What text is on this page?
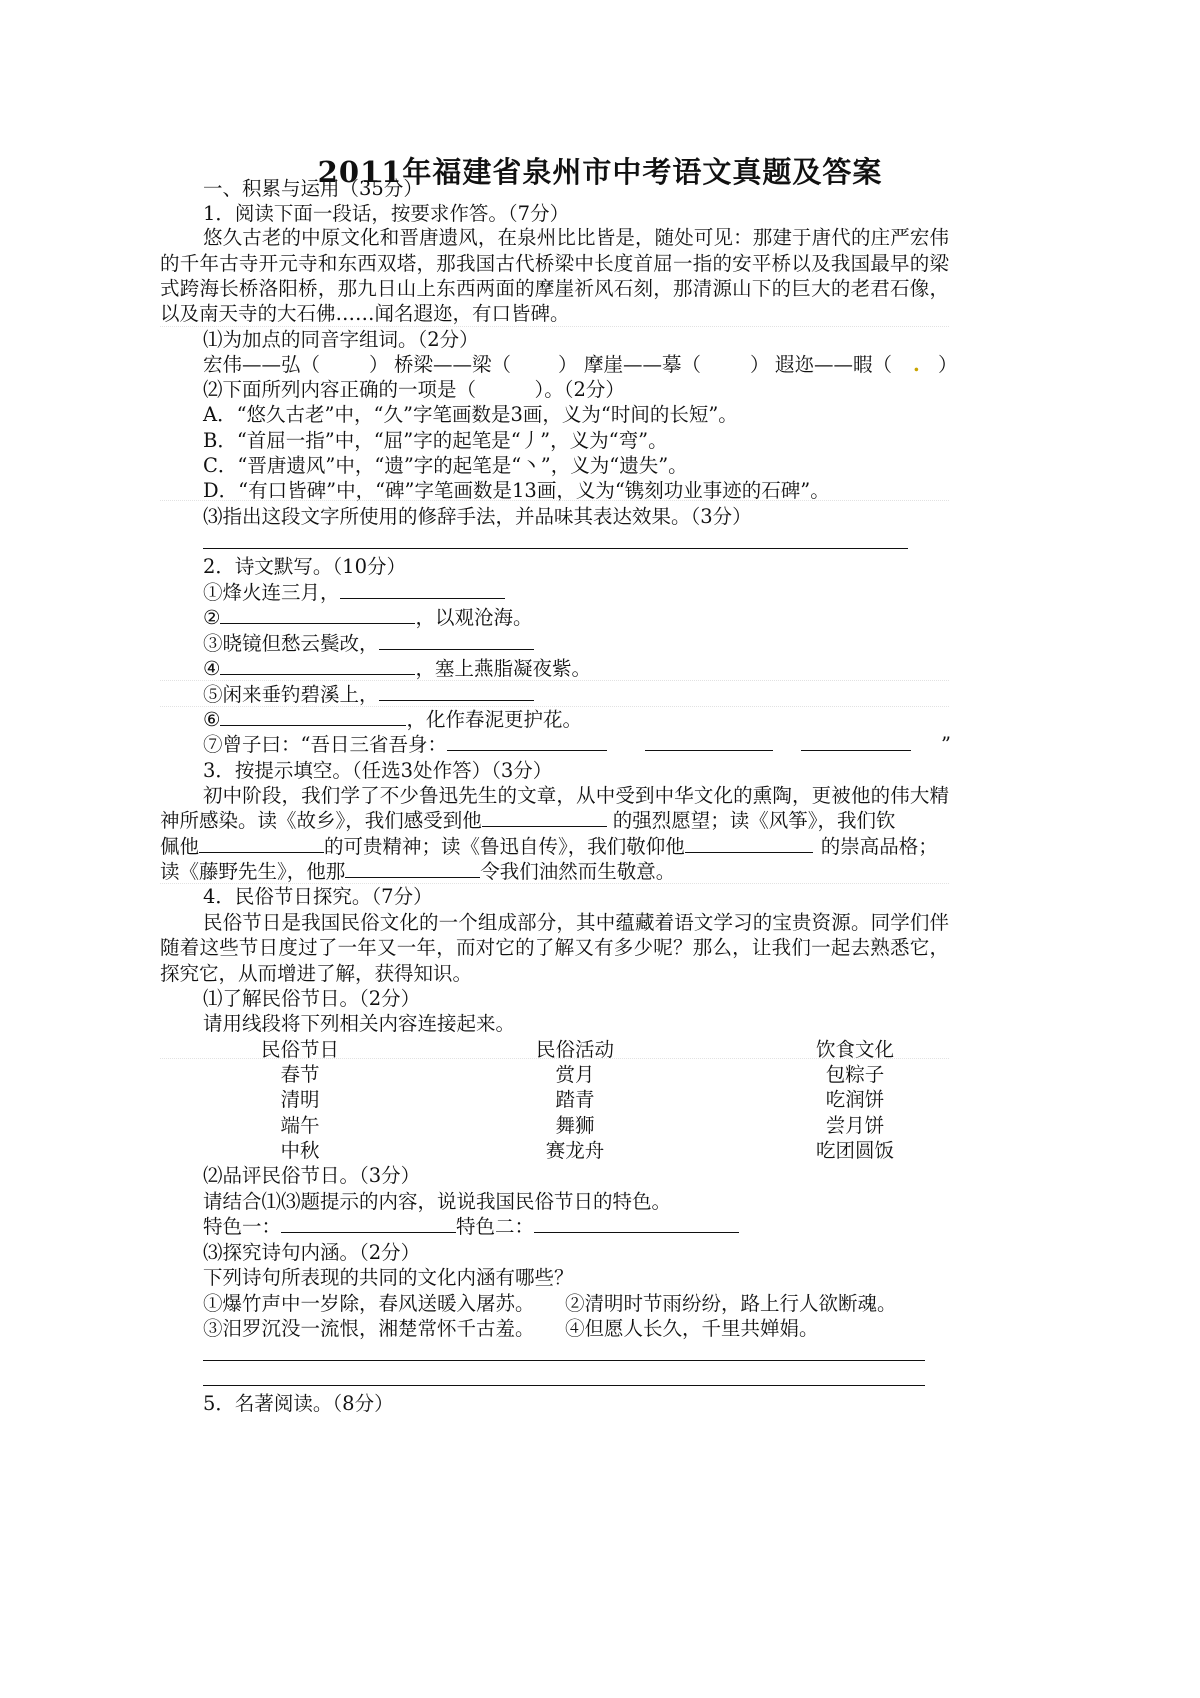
2011年福建省泉州市中考语文真题及答案
一、积累与运用（35分）
1．阅读下面一段话，按要求作答。（7分）
悠久古老的中原文化和晋唐遗风，在泉州比比皆是，随处可见：那建于唐代的庄严宏伟
的千年古寺开元寺和东西双塔，那我国古代桥梁中长度首屈一指的安平桥以及我国最早的梁
式跨海长桥洛阳桥，那九日山上东西两面的摩崖祈风石刻，那清源山下的巨大的老君石像，
以及南天寺的大石佛……闻名遐迩，有口皆碑。
⑴为加点的同音字组词。（2分）
宏伟——弘（	） 桥梁——梁（ ） 摩崖——摹（	） 遐迩——暇（ . ）
⑵下面所列内容正确的一项是（　　　）。（2分）
A．“悠久古老”中，“久”字笔画数是3画，义为“时间的长短”。
B．“首屈一指”中，“屈”字的起笔是“丿”，义为“弯”。
C．“晋唐遗风”中，“遗”字的起笔是“丶”，义为“遗失”。
D．“有口皆碑”中，“碑”字笔画数是13画，义为“镌刻功业事迹的石碑”。
⑶指出这段文字所使用的修辞手法，并品味其表达效果。（3分）
2．诗文默写。（10分）
①烽火连三月，
②	，以观沧海。
③晓镜但愁云鬓改，
④	，塞上燕脂凝夜紫。
⑤闲来垂钓碧溪上，
⑥	，化作春泥更护花。
⑦曾子曰：“吾日三省吾身：	”
3．按提示填空。（任选3处作答）（3分）
初中阶段，我们学了不少鲁迅先生的文章，从中受到中华文化的熏陶，更被他的伟大精
神所感染。读《故乡》，我们感受到他	的强烈愿望；读《风筝》，我们钦
佩他	的可贵精神；读《鲁迅自传》，我们敬仰他	的崇高品格；
读《藤野先生》，他那	令我们油然而生敬意。
4．民俗节日探究。（7分）
民俗节日是我国民俗文化的一个组成部分，其中蕴藏着语文学习的宝贵资源。同学们伴
随着这些节日度过了一年又一年，而对它的了解又有多少呢？那么，让我们一起去熟悉它，
探究它，从而增进了解，获得知识。
⑴了解民俗节日。（2分）
请用线段将下列相关内容连接起来。
民俗节日	民俗活动	饮食文化
春节	赏月	包粽子
清明	踏青	吃润饼
端午	舞狮	尝月饼
中秋	赛龙舟	吃团圆饭
⑵品评民俗节日。（3分）
请结合⑴⑶题提示的内容，说说我国民俗节日的特色。
特色一：	特色二：
⑶探究诗句内涵。（2分）
下列诗句所表现的共同的文化内涵有哪些？
①爆竹声中一岁除，春风送暖入屠苏。 ②清明时节雨纷纷，路上行人欲断魂。
③汨罗沉没一流恨，湘楚常怀千古羞。 ④但愿人长久，千里共婵娟。
5．名著阅读。（8分）
